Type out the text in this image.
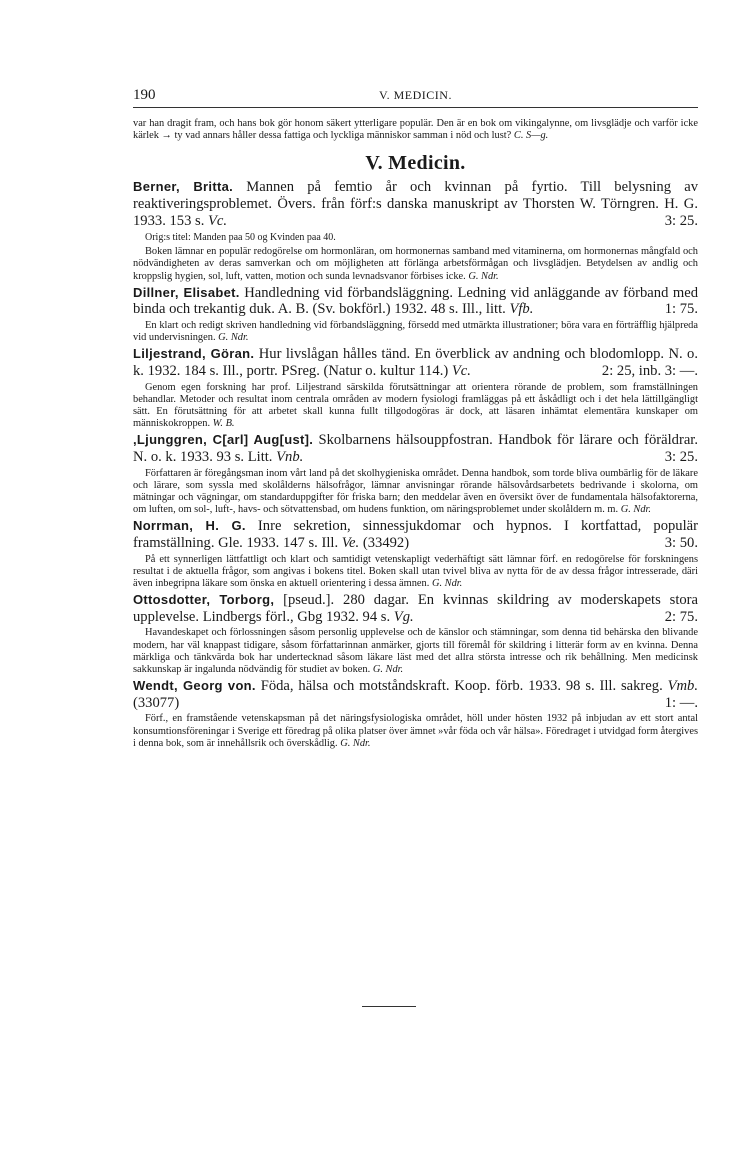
190	V. MEDICIN.

var han dragit fram, och hans bok gör honom säkert ytterligare populär. Den är en bok om vikingalynne, om livsglädje och varför icke kärlek → ty vad annars håller dessa fattiga och lyckliga människor samman i nöd och lust? C. S—g.

V. Medicin.
Berner, Britta. Mannen på femtio år och kvinnan på fyrtio. Till belysning av reaktiveringsproblemet. Övers. från förf:s danska manuskript av Thorsten W. Törngren. H. G. 1933. 153 s. Vc.	3: 25.
Orig:s titel: Manden paa 50 og Kvinden paa 40.
Boken lämnar en populär redogörelse om hormonläran, om hormonernas samband med vitaminerna, om hormonernas mångfald och nödvändigheten av deras samverkan och om möjligheten att förlänga arbetsförmågan och livsglädjen. Betydelsen av andlig och kroppslig hygien, sol, luft, vatten, motion och sunda levnadsvanor förbises icke. G. Ndr.
Dillner, Elisabet. Handledning vid förbandsläggning. Ledning vid anläggande av förband med binda och trekantig duk. A. B. (Sv. bokförl.) 1932. 48 s. Ill., litt. Vfb.	1: 75.
En klart och redigt skriven handledning vid förbandsläggning, försedd med utmärkta illustrationer; böra vara en förträfflig hjälpreda vid undervisningen. G. Ndr.
Liljestrand, Göran. Hur livslågan hålles tänd. En överblick av andning och blodomlopp. N. o. k. 1932. 184 s. Ill., portr. PSreg. (Natur o. kultur 114.) Vc.	2: 25, inb. 3: —.
Genom egen forskning har prof. Liljestrand särskilda förutsättningar att orientera rörande de problem, som framställningen behandlar. Metoder och resultat inom centrala områden av modern fysiologi framläggas på ett åskådligt och i det hela lättillgängligt sätt. En förutsättning för att arbetet skall kunna fullt tillgodogöras är dock, att läsaren inhämtat elementära kunskaper om människokroppen. W. B.
,Ljunggren, C[arl] Aug[ust]. Skolbarnens hälsouppfostran. Handbok för lärare och föräldrar. N. o. k. 1933. 93 s. Litt. Vnb.	3: 25.
Författaren är föregångsman inom vårt land på det skolhygieniska området. Denna handbok, som torde bliva oumbärlig för de läkare och lärare, som syssla med skolålderns hälsofrågor, lämnar anvisningar rörande hälsovårdsarbetets bedrivande i skolorna, om mätningar och vägningar, om standarduppgifter för friska barn; den meddelar även en översikt över de fundamentala hälsofaktorerna, om luften, om sol-, luft-, havs- och sötvattensbad, om hudens funktion, om näringsproblemet under skolåldern m. m. G. Ndr.
Norrman, H. G. Inre sekretion, sinnessjukdomar och hypnos. I kortfattad, populär framställning. Gle. 1933. 147 s. Ill. Ve. (33492)	3: 50.
På ett synnerligen lättfattligt och klart och samtidigt vetenskapligt vederhäftigt sätt lämnar förf. en redogörelse för forskningens resultat i de aktuella frågor, som angivas i bokens titel. Boken skall utan tvivel bliva av nytta för de av dessa frågor intresserade, däri även inbegripna läkare som önska en aktuell orientering i dessa ämnen. G. Ndr.
Ottosdotter, Torborg, [pseud.]. 280 dagar. En kvinnas skildring av moderskapets stora upplevelse. Lindbergs förl., Gbg 1932. 94 s. Vg.	2: 75.
Havandeskapet och förlossningen såsom personlig upplevelse och de känslor och stämningar, som denna tid behärska den blivande modern, har väl knappast tidigare, såsom författarinnan anmärker, gjorts till föremål för skildring i litterär form av en kvinna. Denna märkliga och tänkvärda bok har undertecknad såsom läkare läst med det allra största intresse och rik behållning. Men medicinsk sakkunskap är ingalunda nödvändig för studiet av boken. G. Ndr.
Wendt, Georg von. Föda, hälsa och motståndskraft. Koop. förb. 1933. 98 s. Ill. sakreg. Vmb. (33077)	1: —.
Förf., en framstående vetenskapsman på det näringsfysiologiska området, höll under hösten 1932 på inbjudan av ett stort antal konsumtionsföreningar i Sverige ett föredrag på olika platser över ämnet »vår föda och vår hälsa». Föredraget i utvidgad form återgives i denna bok, som är innehållsrik och överskådlig. G. Ndr.
